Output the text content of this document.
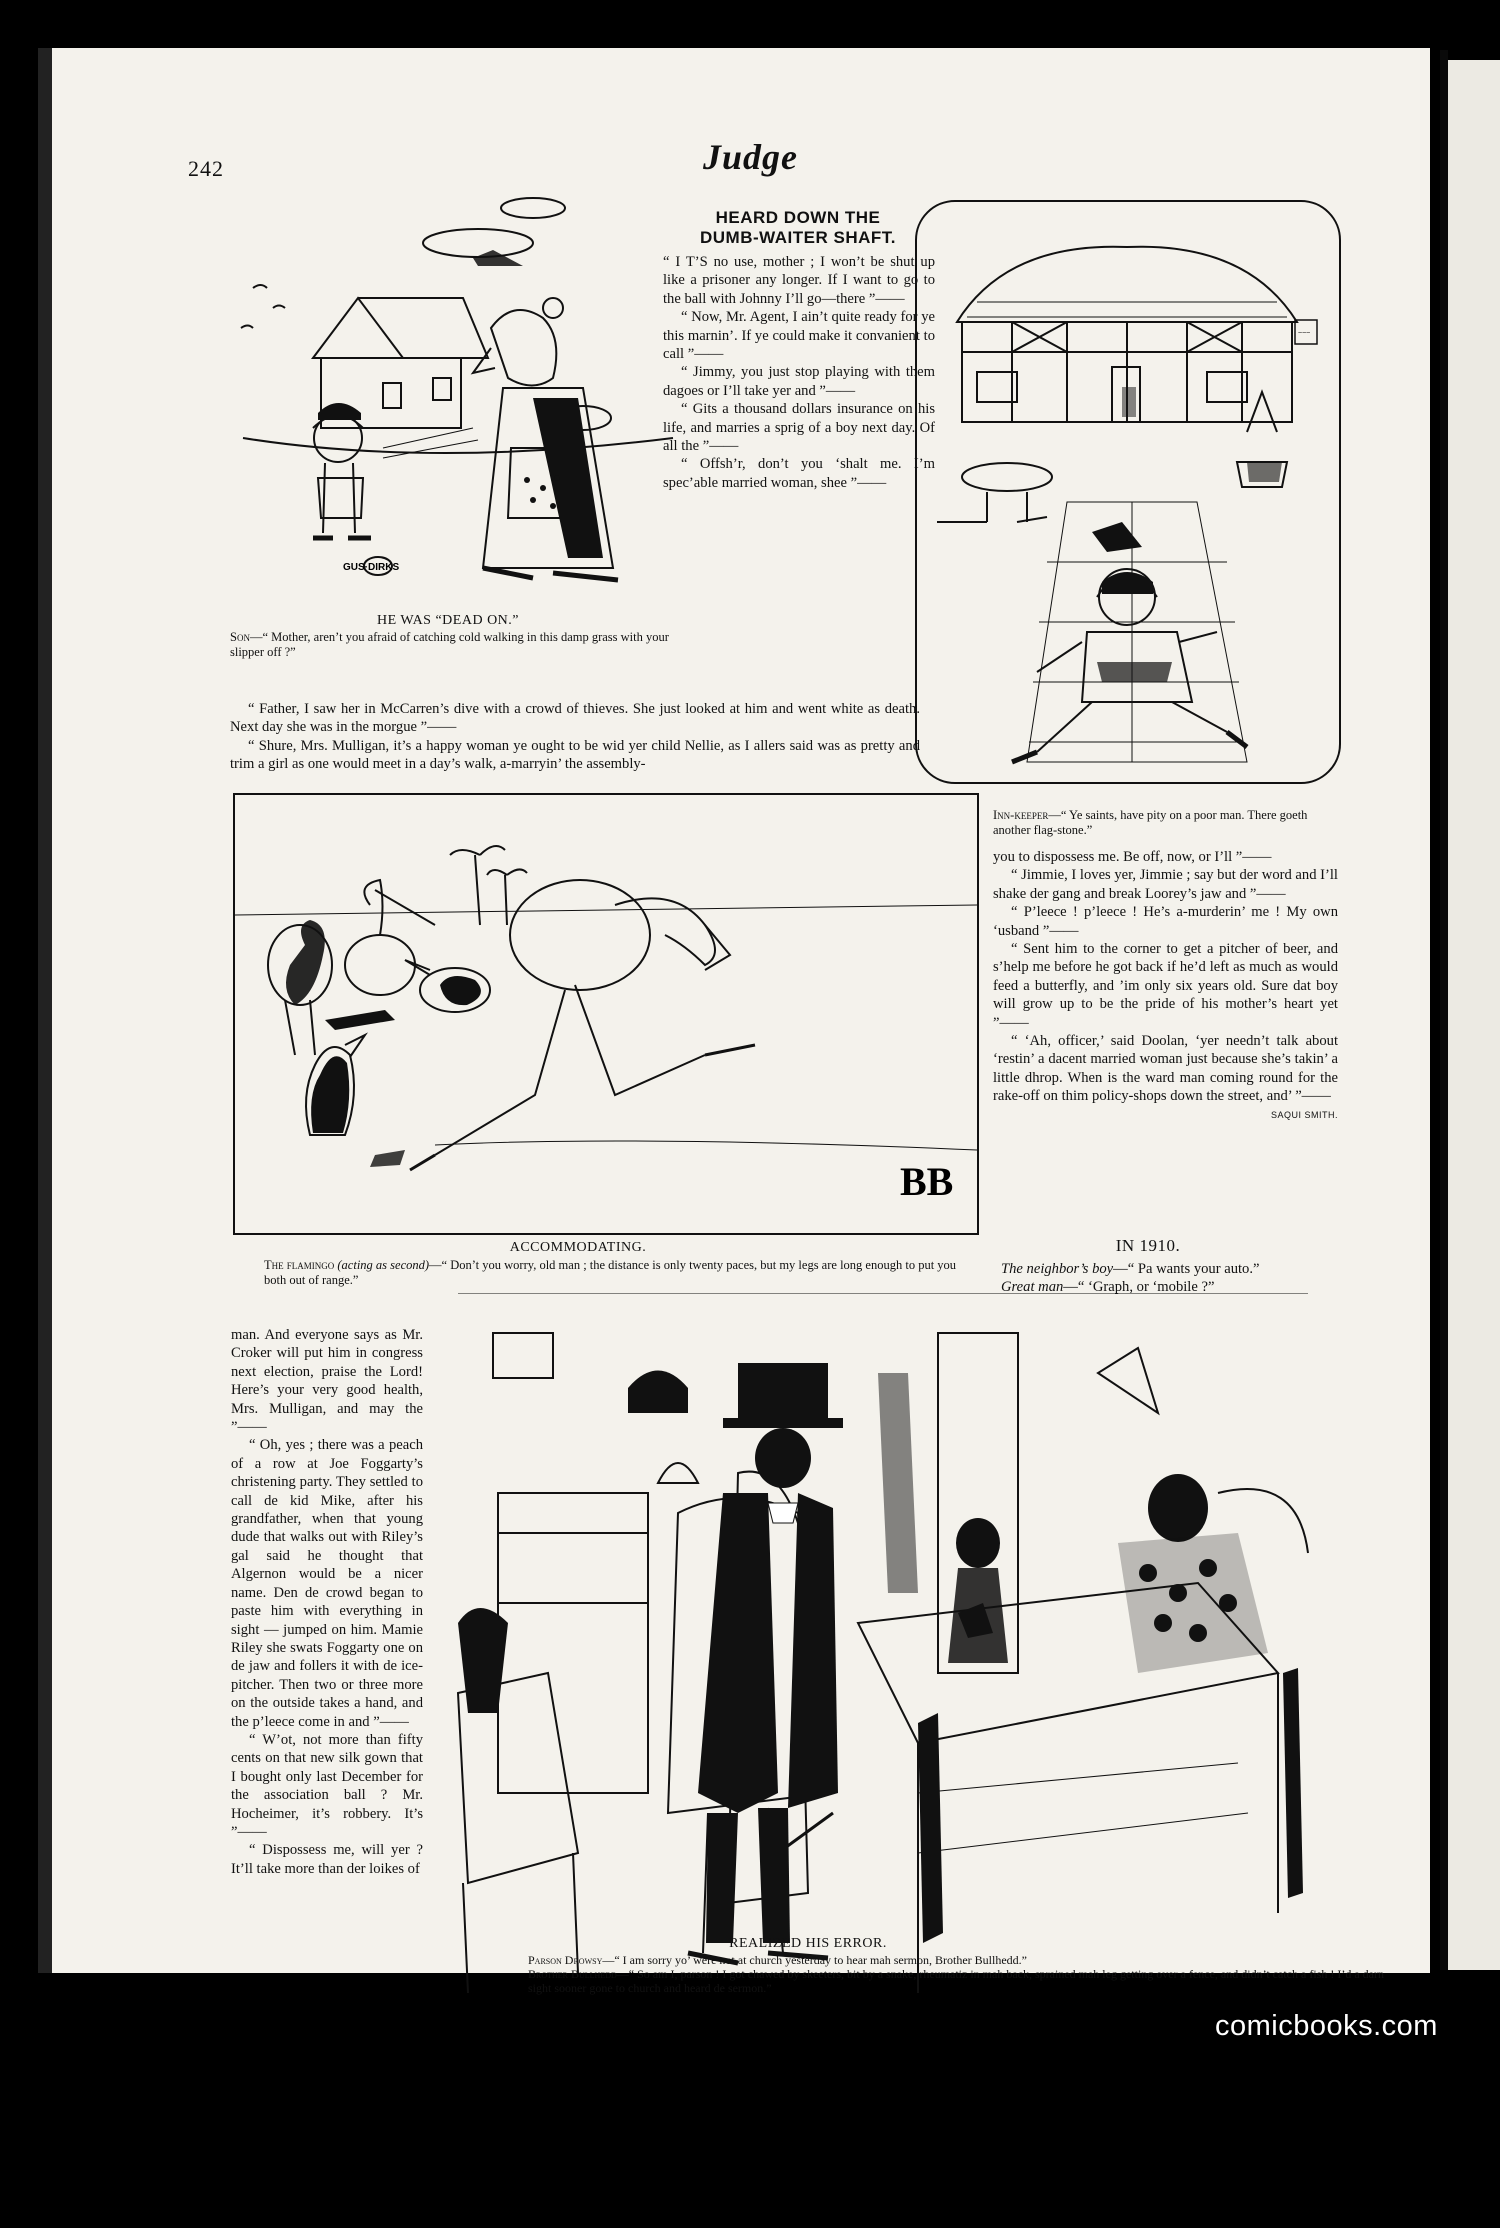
242	Judge
GUS·DIRKS
HE WAS “DEAD ON.”
Son—“ Mother, aren’t you afraid of catching cold walking in this damp grass with your slipper off ?”
HEARD DOWN THE
DUMB-WAITER SHAFT.

“ I T’S no use, mother ; I won’t be shut up like a prisoner any longer. If I want to go to the ball with Johnny I’ll go—there ”——

“ Now, Mr. Agent, I ain’t quite ready for ye this marnin’. If ye could make it convanient to call ”——

“ Jimmy, you just stop playing with them dagoes or I’ll take yer and ”——

“ Gits a thousand dollars insurance on his life, and marries a sprig of a boy next day. Of all the ”——

“ Offsh’r, don’t you ‘shalt me. I’m spec’able married woman, shee ”——

~~~

“ Father, I saw her in McCarren’s dive with a crowd of thieves. She just looked at him and went white as death. Next day she was in the morgue ”——

“ Shure, Mrs. Mulligan, it’s a happy woman ye ought to be wid yer child Nellie, as I allers said was as pretty and trim a girl as one would meet in a day’s walk, a-marryin’ the assembly-

Inn-keeper—“ Ye saints, have pity on a poor man. There goeth another flag-stone.”
BB
ACCOMMODATING.
The flamingo (acting as second)—“ Don’t you worry, old man ; the distance is only twenty paces, but my legs are long enough to put you both out of range.”

you to dispossess me. Be off, now, or I’ll ”——

“ Jimmie, I loves yer, Jimmie ; say but der word and I’ll shake der gang and break Loorey’s jaw and ”——

“ P’leece ! p’leece ! He’s a-murderin’ me ! My own ‘usband ”——

“ Sent him to the corner to get a pitcher of beer, and s’help me before he got back if he’d left as much as would feed a butterfly, and ’im only six years old. Sure dat boy will grow up to be the pride of his mother’s heart yet ”——

“ ‘Ah, officer,’ said Doolan, ‘yer needn’t talk about ‘restin’ a dacent married woman just because she’s takin’ a little dhrop. When is the ward man coming round for the rake-off on thim policy-shops down the street, and’ ”——

SAQUI SMITH.
IN 1910.
The neighbor’s boy—“ Pa wants your auto.”
Great man—“ ‘Graph, or ‘mobile ?”

man. And everyone says as Mr. Croker will put him in congress next election, praise the Lord! Here’s your very good health, Mrs. Mulligan, and may the ”——

“ Oh, yes ; there was a peach of a row at Joe Foggarty’s christening party. They settled to call de kid Mike, after his grandfather, when that young dude that walks out with Riley’s gal said he thought that Algernon would be a nicer name. Den de crowd began to paste him with everything in sight — jumped on him. Mamie Riley she swats Foggarty one on de jaw and follers it with de ice-pitcher. Then two or three more on the outside takes a hand, and the p’leece come in and ”——

“ W’ot, not more than fifty cents on that new silk gown that I bought only last December for the association ball ? Mr. Hocheimer, it’s robbery. It’s ”——

“ Dispossess me, will yer ? It’ll take more than der loikes of

Flohri
REALIZED HIS ERROR.
Parson Drowsy—“ I am sorry yo’ were not at church yesterday to hear mah sermon, Brother Bullhedd.”
Brother Bullhedd—“ So am I, parson ! I got chawed by skeeters, bit by a snake, rheumatiz in mah back, sprained mah leg getting over a fence, and didn’t catch a fish ! I’d a darn sight sooner gone to church and heard de sermon.”
comicbooks.com
